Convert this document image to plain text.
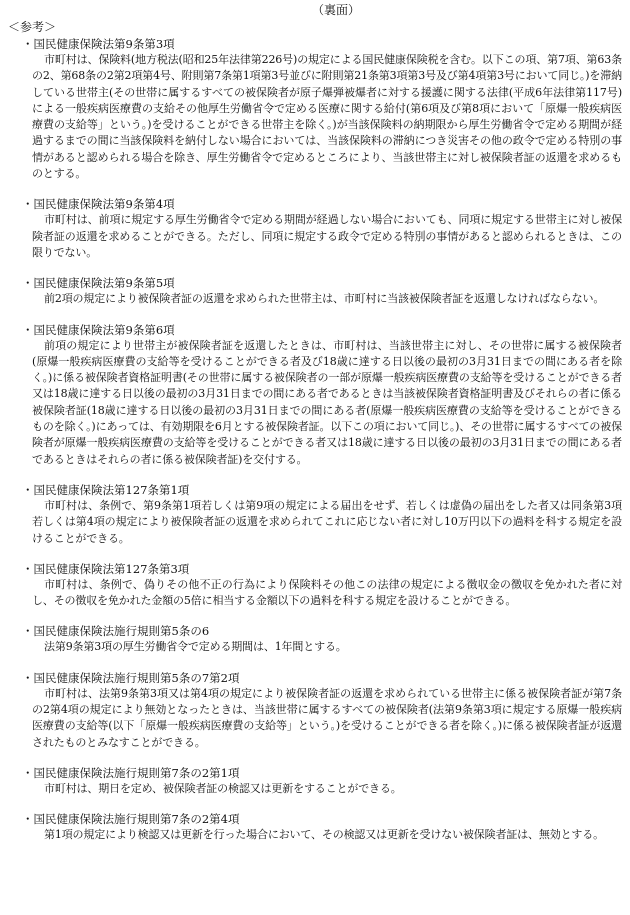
（裏面）
＜参考＞
・国民健康保険法第9条第3項
市町村は、保険料(地方税法(昭和25年法律第226号)の規定による国民健康保険税を含む。以下この項、第7項、第63条の2、第68条の2第2項第4号、附則第7条第1項第3号並びに附則第21条第3項第3号及び第4項第3号において同じ。)を滞納している世帯主(その世帯に属するすべての被保険者が原子爆弾被爆者に対する援護に関する法律(平成6年法律第117号)による一般疾病医療費の支給その他厚生労働省令で定める医療に関する給付(第6項及び第8項において「原爆一般疾病医療費の支給等」という。)を受けることができる世帯主を除く。)が当該保険料の納期限から厚生労働省令で定める期間が経過するまでの間に当該保険料を納付しない場合においては、当該保険料の滞納につき災害その他の政令で定める特別の事情があると認められる場合を除き、厚生労働省令で定めるところにより、当該世帯主に対し被保険者証の返還を求めるものとする。
・国民健康保険法第9条第4項
市町村は、前項に規定する厚生労働省令で定める期間が経過しない場合においても、同項に規定する世帯主に対し被保険者証の返還を求めることができる。ただし、同項に規定する政令で定める特別の事情があると認められるときは、この限りでない。
・国民健康保険法第9条第5項
前2項の規定により被保険者証の返還を求められた世帯主は、市町村に当該被保険者証を返還しなければならない。
・国民健康保険法第9条第6項
前項の規定により世帯主が被保険者証を返還したときは、市町村は、当該世帯主に対し、その世帯に属する被保険者(原爆一般疾病医療費の支給等を受けることができる者及び18歳に達する日以後の最初の3月31日までの間にある者を除く。)に係る被保険者資格証明書(その世帯に属する被保険者の一部が原爆一般疾病医療費の支給等を受けることができる者又は18歳に達する日以後の最初の3月31日までの間にある者であるときは当該被保険者資格証明書及びそれらの者に係る被保険者証(18歳に達する日以後の最初の3月31日までの間にある者(原爆一般疾病医療費の支給等を受けることができるものを除く。)にあっては、有効期限を6月とする被保険者証。以下この項において同じ。)、その世帯に属するすべての被保険者が原爆一般疾病医療費の支給等を受けることができる者又は18歳に達する日以後の最初の3月31日までの間にある者であるときはそれらの者に係る被保険者証)を交付する。
・国民健康保険法第127条第1項
市町村は、条例で、第9条第1項若しくは第9項の規定による届出をせず、若しくは虚偽の届出をした者又は同条第3項若しくは第4項の規定により被保険者証の返還を求められてこれに応じない者に対し10万円以下の過料を科する規定を設けることができる。
・国民健康保険法第127条第3項
市町村は、条例で、偽りその他不正の行為により保険料その他この法律の規定による徴収金の徴収を免かれた者に対し、その徴収を免かれた金額の5倍に相当する金額以下の過料を科する規定を設けることができる。
・国民健康保険法施行規則第5条の6
法第9条第3項の厚生労働省令で定める期間は、1年間とする。
・国民健康保険法施行規則第5条の7第2項
市町村は、法第9条第3項又は第4項の規定により被保険者証の返還を求められている世帯主に係る被保険者証が第7条の2第4項の規定により無効となったときは、当該世帯に属するすべての被保険者(法第9条第3項に規定する原爆一般疾病医療費の支給等(以下「原爆一般疾病医療費の支給等」という。)を受けることができる者を除く。)に係る被保険者証が返還されたものとみなすことができる。
・国民健康保険法施行規則第7条の2第1項
市町村は、期日を定め、被保険者証の検認又は更新をすることができる。
・国民健康保険法施行規則第7条の2第4項
第1項の規定により検認又は更新を行った場合において、その検認又は更新を受けない被保険者証は、無効とする。
